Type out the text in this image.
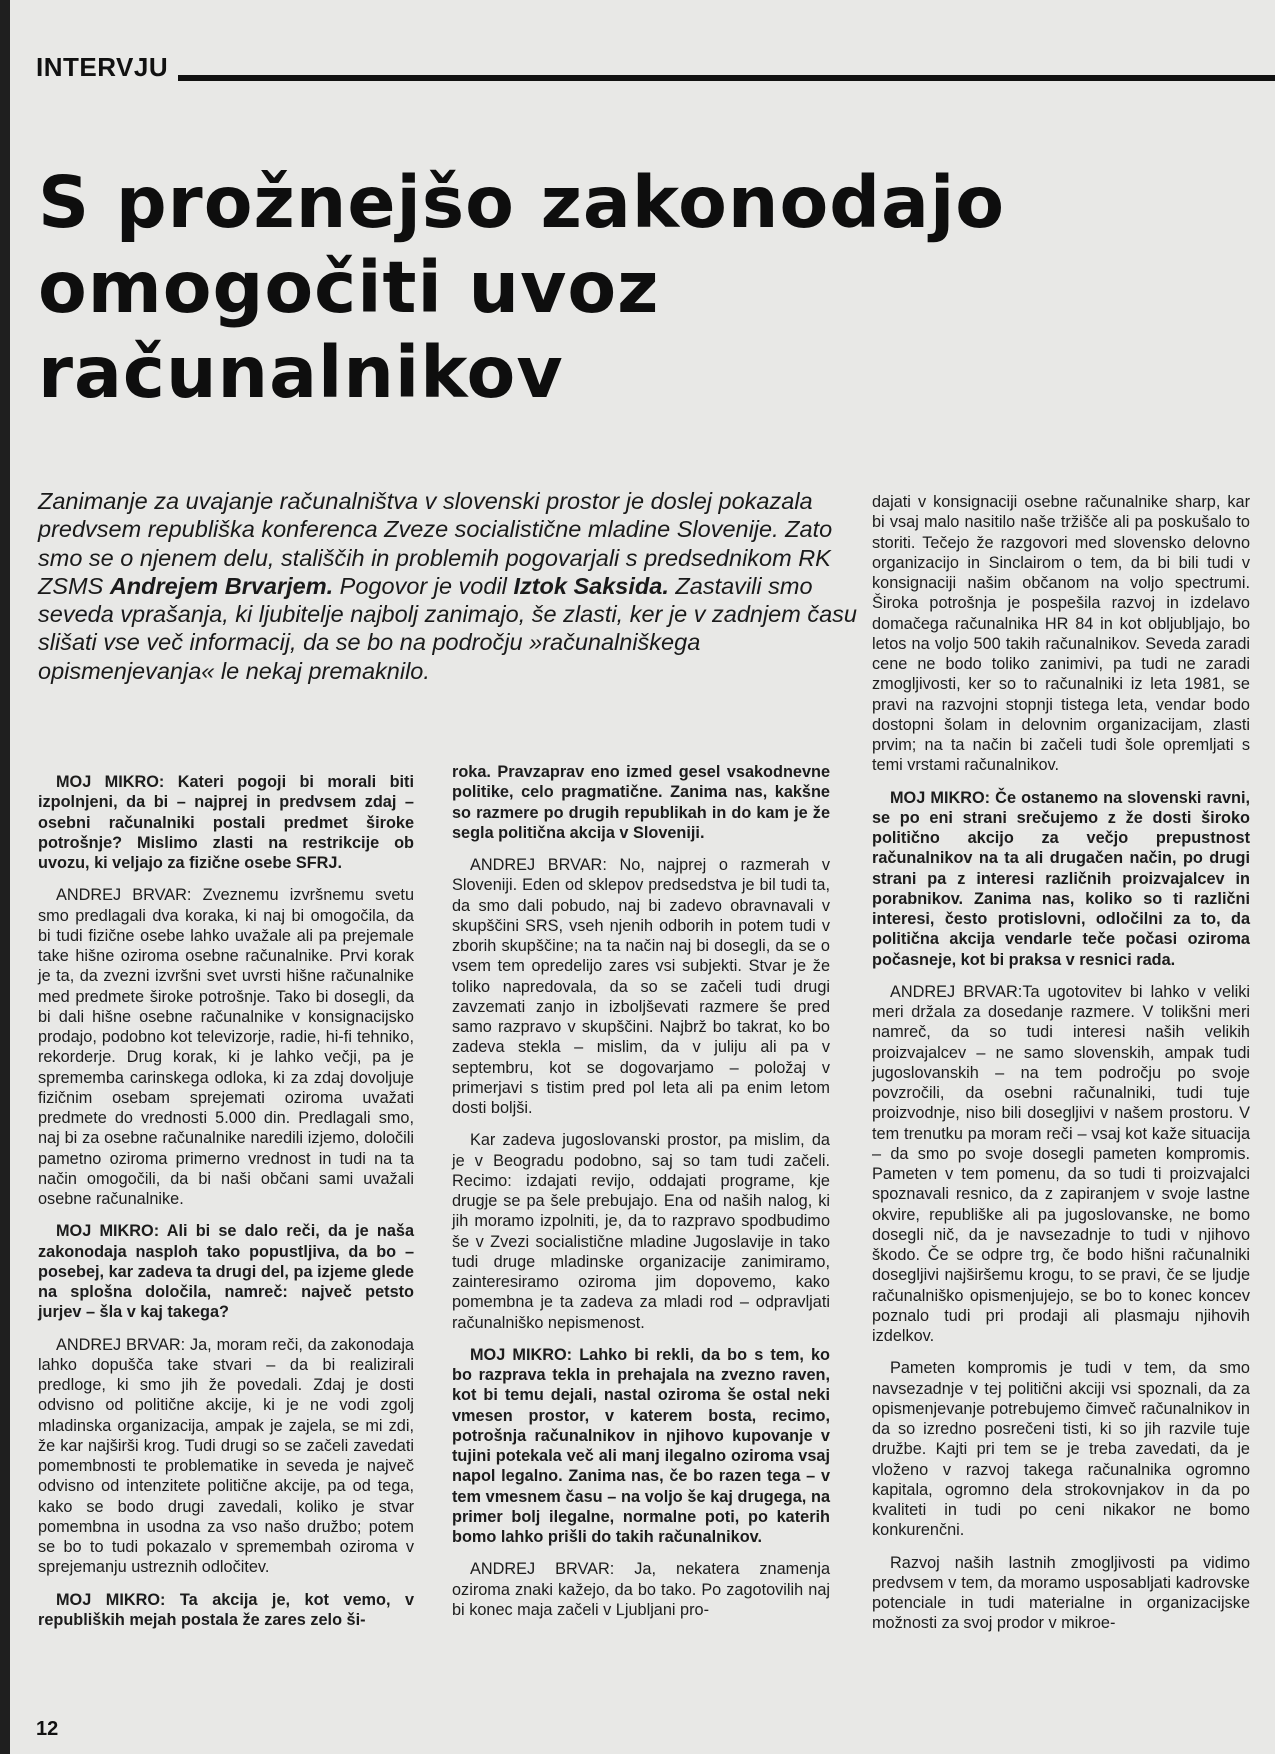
INTERVJU
S prožnejšo zakonodajo omogočiti uvoz računalnikov

Zanimanje za uvajanje računalništva v slovenski prostor je doslej pokazala predvsem republiška konferenca Zveze socialistične mladine Slovenije. Zato smo se o njenem delu, stališčih in problemih pogovarjali s predsednikom RK ZSMS Andrejem Brvarjem. Pogovor je vodil Iztok Saksida. Zastavili smo seveda vprašanja, ki ljubitelje najbolj zanimajo, še zlasti, ker je v zadnjem času slišati vse več informacij, da se bo na področju »računalniškega opismenjevanja« le nekaj premaknilo.

MOJ MIKRO: Kateri pogoji bi morali biti izpolnjeni, da bi – najprej in predvsem zdaj – osebni računalniki postali predmet široke potrošnje? Mislimo zlasti na restrikcije ob uvozu, ki veljajo za fizične osebe SFRJ.

ANDREJ BRVAR: Zveznemu izvršnemu svetu smo predlagali dva koraka, ki naj bi omogočila, da bi tudi fizične osebe lahko uvažale ali pa prejemale take hišne oziroma osebne računalnike. Prvi korak je ta, da zvezni izvršni svet uvrsti hišne računalnike med predmete široke potrošnje. Tako bi dosegli, da bi dali hišne osebne računalnike v konsignacijsko prodajo, podobno kot televizorje, radie, hi-fi tehniko, rekorderje. Drug korak, ki je lahko večji, pa je sprememba carinskega odloka, ki za zdaj dovoljuje fizičnim osebam sprejemati oziroma uvažati predmete do vrednosti 5.000 din. Predlagali smo, naj bi za osebne računalnike naredili izjemo, določili pametno oziroma primerno vrednost in tudi na ta način omogočili, da bi naši občani sami uvažali osebne računalnike.

MOJ MIKRO: Ali bi se dalo reči, da je naša zakonodaja nasploh tako popustljiva, da bo – posebej, kar zadeva ta drugi del, pa izjeme glede na splošna določila, namreč: največ petsto jurjev – šla v kaj takega?

ANDREJ BRVAR: Ja, moram reči, da zakonodaja lahko dopušča take stvari – da bi realizirali predloge, ki smo jih že povedali. Zdaj je dosti odvisno od politične akcije, ki je ne vodi zgolj mladinska organizacija, ampak je zajela, se mi zdi, že kar najširši krog. Tudi drugi so se začeli zavedati pomembnosti te problematike in seveda je največ odvisno od intenzitete politične akcije, pa od tega, kako se bodo drugi zavedali, koliko je stvar pomembna in usodna za vso našo družbo; potem se bo to tudi pokazalo v spremembah oziroma v sprejemanju ustreznih odločitev.

MOJ MIKRO: Ta akcija je, kot vemo, v republiških mejah postala že zares zelo ši-

roka. Pravzaprav eno izmed gesel vsakodnevne politike, celo pragmatične. Zanima nas, kakšne so razmere po drugih republikah in do kam je že segla politična akcija v Sloveniji.

ANDREJ BRVAR: No, najprej o razmerah v Sloveniji. Eden od sklepov predsedstva je bil tudi ta, da smo dali pobudo, naj bi zadevo obravnavali v skupščini SRS, vseh njenih odborih in potem tudi v zborih skupščine; na ta način naj bi dosegli, da se o vsem tem opredelijo zares vsi subjekti. Stvar je že toliko napredovala, da so se začeli tudi drugi zavzemati zanjo in izboljševati razmere še pred samo razpravo v skupščini. Najbrž bo takrat, ko bo zadeva stekla – mislim, da v juliju ali pa v septembru, kot se dogovarjamo – položaj v primerjavi s tistim pred pol leta ali pa enim letom dosti boljši.

Kar zadeva jugoslovanski prostor, pa mislim, da je v Beogradu podobno, saj so tam tudi začeli. Recimo: izdajati revijo, oddajati programe, kje drugje se pa šele prebujajo. Ena od naših nalog, ki jih moramo izpolniti, je, da to razpravo spodbudimo še v Zvezi socialistične mladine Jugoslavije in tako tudi druge mladinske organizacije zanimiramo, zainteresiramo oziroma jim dopovemo, kako pomembna je ta zadeva za mladi rod – odpravljati računalniško nepismenost.

MOJ MIKRO: Lahko bi rekli, da bo s tem, ko bo razprava tekla in prehajala na zvezno raven, kot bi temu dejali, nastal oziroma še ostal neki vmesen prostor, v katerem bosta, recimo, potrošnja računalnikov in njihovo kupovanje v tujini potekala več ali manj ilegalno oziroma vsaj napol legalno. Zanima nas, če bo razen tega – v tem vmesnem času – na voljo še kaj drugega, na primer bolj ilegalne, normalne poti, po katerih bomo lahko prišli do takih računalnikov.

ANDREJ BRVAR: Ja, nekatera znamenja oziroma znaki kažejo, da bo tako. Po zagotovilih naj bi konec maja začeli v Ljubljani pro-

dajati v konsignaciji osebne računalnike sharp, kar bi vsaj malo nasitilo naše tržišče ali pa poskušalo to storiti. Tečejo že razgovori med slovensko delovno organizacijo in Sinclairom o tem, da bi bili tudi v konsignaciji našim občanom na voljo spectrumi. Široka potrošnja je pospešila razvoj in izdelavo domačega računalnika HR 84 in kot obljubljajo, bo letos na voljo 500 takih računalnikov. Seveda zaradi cene ne bodo toliko zanimivi, pa tudi ne zaradi zmogljivosti, ker so to računalniki iz leta 1981, se pravi na razvojni stopnji tistega leta, vendar bodo dostopni šolam in delovnim organizacijam, zlasti prvim; na ta način bi začeli tudi šole opremljati s temi vrstami računalnikov.

MOJ MIKRO: Če ostanemo na slovenski ravni, se po eni strani srečujemo z že dosti široko politično akcijo za večjo prepustnost računalnikov na ta ali drugačen način, po drugi strani pa z interesi različnih proizvajalcev in porabnikov. Zanima nas, koliko so ti različni interesi, često protislovni, odločilni za to, da politična akcija vendarle teče počasi oziroma počasneje, kot bi praksa v resnici rada.

ANDREJ BRVAR:Ta ugotovitev bi lahko v veliki meri držala za dosedanje razmere. V tolikšni meri namreč, da so tudi interesi naših velikih proizvajalcev – ne samo slovenskih, ampak tudi jugoslovanskih – na tem področju po svoje povzročili, da osebni računalniki, tudi tuje proizvodnje, niso bili dosegljivi v našem prostoru. V tem trenutku pa moram reči – vsaj kot kaže situacija – da smo po svoje dosegli pameten kompromis. Pameten v tem pomenu, da so tudi ti proizvajalci spoznavali resnico, da z zapiranjem v svoje lastne okvire, republiške ali pa jugoslovanske, ne bomo dosegli nič, da je navsezadnje to tudi v njihovo škodo. Če se odpre trg, če bodo hišni računalniki dosegljivi najširšemu krogu, to se pravi, če se ljudje računalniško opismenjujejo, se bo to konec koncev poznalo tudi pri prodaji ali plasmaju njihovih izdelkov.

Pameten kompromis je tudi v tem, da smo navsezadnje v tej politični akciji vsi spoznali, da za opismenjevanje potrebujemo čimveč računalnikov in da so izredno posrečeni tisti, ki so jih razvile tuje družbe. Kajti pri tem se je treba zavedati, da je vloženo v razvoj takega računalnika ogromno kapitala, ogromno dela strokovnjakov in da po kvaliteti in tudi po ceni nikakor ne bomo konkurenčni.

Razvoj naših lastnih zmogljivosti pa vidimo predvsem v tem, da moramo usposabljati kadrovske potenciale in tudi materialne in organizacijske možnosti za svoj prodor v mikroe-

12
